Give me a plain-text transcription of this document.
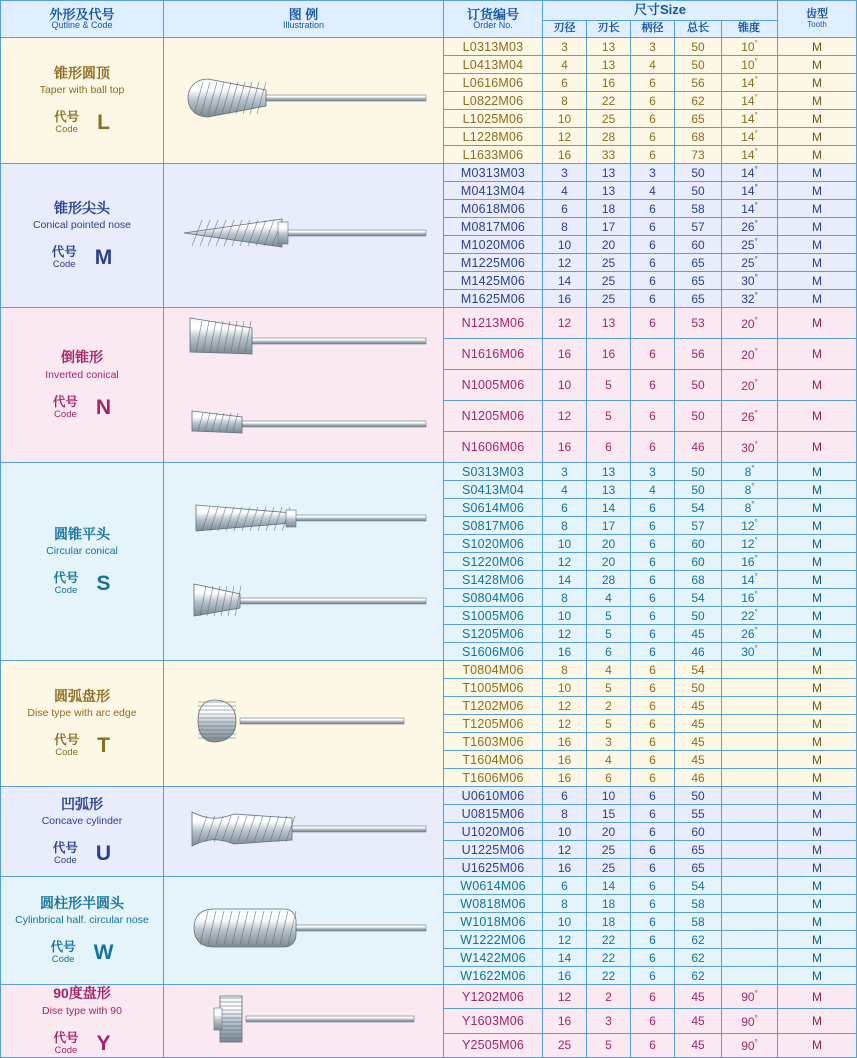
外形及代号
Qutline & Code

图 例
Illustration

订货编号
Order No.

尺寸Size
刃径	刃长	柄径	总长	锥度

齿型
Tooth

锥形圆顶
Taper with ball top
代号
Code L		L0313M03	3	13	3	50	10°	M
		L0413M04	4	13	4	50	10°	M
		L0616M06	6	16	6	56	14°	M
		L0822M06	8	22	6	62	14°	M
		L1025M06	10	25	6	65	14°	M
		L1228M06	12	28	6	68	14°	M
		L1633M06	16	33	6	73	14°	M

锥形尖头
Conical pointed nose
代号
Code M		M0313M03	3	13	3	50	14°	M
		M0413M04	4	13	4	50	14°	M
		M0618M06	6	18	6	58	14°	M
		M0817M06	8	17	6	57	26°	M
		M1020M06	10	20	6	60	25°	M
		M1225M06	12	25	6	65	25°	M
		M1425M06	14	25	6	65	30°	M
		M1625M06	16	25	6	65	32°	M

倒锥形
Inverted conical
代号
Code N		N1213M06	12	13	6	53	20°	M
		N1616M06	16	16	6	56	20°	M
		N1005M06	10	5	6	50	20°	M
		N1205M06	12	5	6	50	26°	M
		N1606M06	16	6	6	46	30°	M

圆锥平头
Circular conical
代号
Code S		S0313M03	3	13	3	50	8°	M
		S0413M04	4	13	4	50	8°	M
		S0614M06	6	14	6	54	8°	M
		S0817M06	8	17	6	57	12°	M
		S1020M06	10	20	6	60	12°	M
		S1220M06	12	20	6	60	16°	M
		S1428M06	14	28	6	68	14°	M
		S0804M06	8	4	6	54	16°	M
		S1005M06	10	5	6	50	22°	M
		S1205M06	12	5	6	45	26°	M
		S1606M06	16	6	6	46	30°	M

圆弧盘形
Dise type with arc edge
代号
Code T		T0804M06	8	4	6	54		M
		T1005M06	10	5	6	50		M
		T1202M06	12	2	6	45		M
		T1205M06	12	5	6	45		M
		T1603M06	16	3	6	45		M
		T1604M06	16	4	6	45		M
		T1606M06	16	6	6	46		M

凹弧形
Concave cylinder
代号
Code U		U0610M06	6	10	6	50		M
		U0815M06	8	15	6	55		M
		U1020M06	10	20	6	60		M
		U1225M06	12	25	6	65		M
		U1625M06	16	25	6	65		M

圆柱形半圆头
Cylinbrical half. circular nose
代号
Code W		W0614M06	6	14	6	54		M
		W0818M06	8	18	6	58		M
		W1018M06	10	18	6	58		M
		W1222M06	12	22	6	62		M
		W1422M06	14	22	6	62		M
		W1622M06	16	22	6	62		M

90度盘形
Dise type with 90
代号
Code Y		Y1202M06	12	2	6	45	90°	M
		Y1603M06	16	3	6	45	90°	M
		Y2505M06	25	5	6	45	90°	M
